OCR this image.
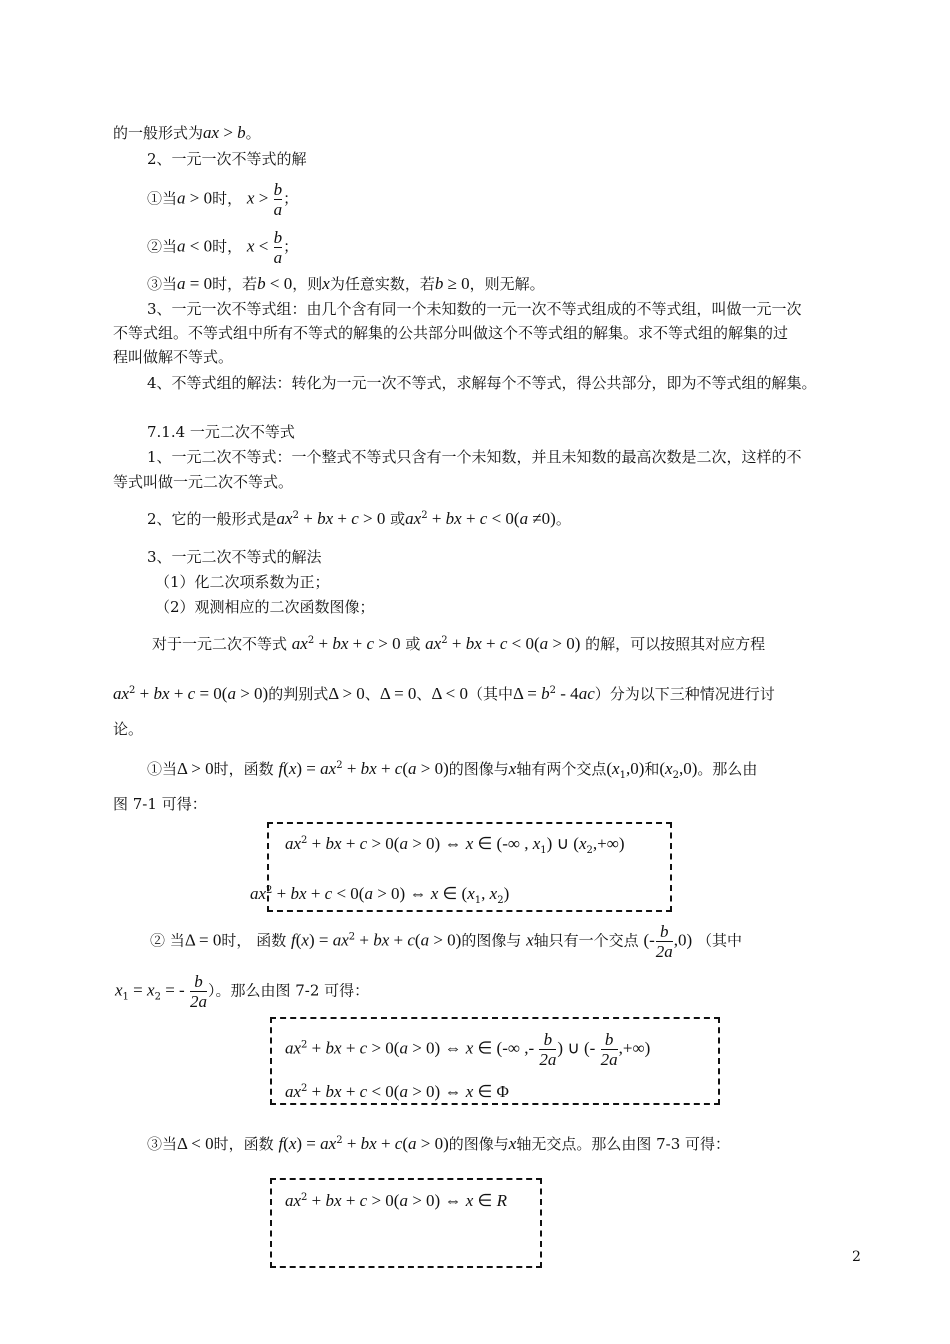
的一般形式为ax > b。
2、一元一次不等式的解
①当a > 0时， $x > \frac{b}{a}$ ；
②当a < 0时， $x < \frac{b}{a}$ ；
③当a = 0时，若b < 0，则x为任意实数，若b ≥ 0，则无解。
3、一元一次不等式组：由几个含有同一个未知数的一元一次不等式组成的不等式组，叫做一元一次
不等式组。不等式组中所有不等式的解集的公共部分叫做这个不等式组的解集。求不等式组的解集的过
程叫做解不等式。
4、不等式组的解法：转化为一元一次不等式，求解每个不等式，得公共部分，即为不等式组的解集。
7.1.4 一元二次不等式
1、一元二次不等式：一个整式不等式只含有一个未知数，并且未知数的最高次数是二次，这样的不
等式叫做一元二次不等式。
2、它的一般形式是$ax^2$ + bx + c > 0 或$ax^2$ + bx + c < 0(a ≠0)。
3、一元二次不等式的解法
（1）化二次项系数为正；
（2）观测相应的二次函数图像；
对于一元二次不等式 $ax^2$ + bx + c > 0 或 $ax^2$ + bx + c < 0(a > 0) 的解，可以按照其对应方程
$ax^2$ + bx + c = 0(a > 0)的判别式Δ > 0、Δ = 0、Δ < 0（其中$\Delta = b^2 - 4ac$）分为以下三种情况进行讨
论。
①当Δ > 0时，函数 $f(x) = ax^2$ + bx + c(a > 0)的图像与x轴有两个交点$(x_1,0)$和$(x_2,0)$。那么由
图 7-1 可得：
$ax^2$ + bx + c > 0(a > 0) ⇔ x ∈ (-∞ , $x_1$) ∪ $(x_2,+\infty)$
$ax^2$ + bx + c < 0(a > 0) ⇔ x ∈ ($x_1$, $x_2$)
② 当Δ = 0时， 函数 $f(x) = ax^2$ + bx + c(a > 0)的图像与 x轴只有一个交点 (- $\frac{b}{2a} ,0$) （其中
$x_1 = x_2$ = - $\frac{b}{2a}$ ）。那么由图 7-2 可得：
$ax^2$ + bx + c > 0(a > 0) ⇔ x ∈ (-∞ ,- $\frac{b}{2a}$ ) ∪ (- $\frac{b}{2a}$ ,+∞)
$ax^2$ + bx + c < 0(a > 0) ⇔ x ∈ Φ
③当Δ < 0时，函数 $f(x) = ax^2$ + bx + c(a > 0)的图像与x轴无交点。那么由图 7-3 可得：
$ax^2$ + bx + c > 0(a > 0) ⇔ x ∈ R
2
